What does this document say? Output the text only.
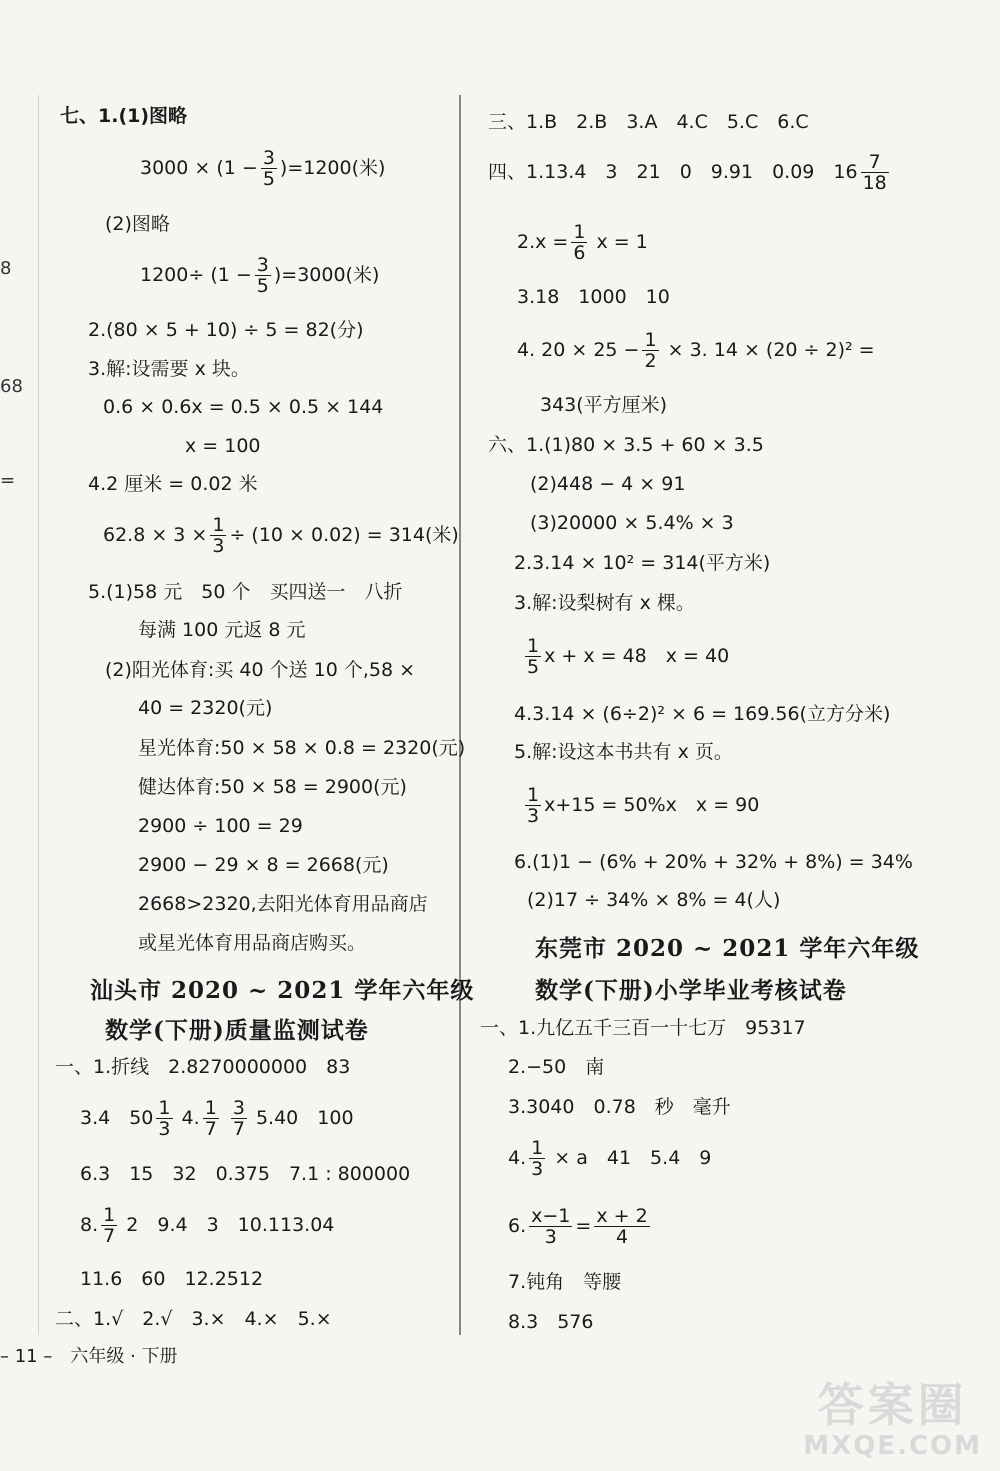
8
68
=
七、1.(1)图略
$3000 \times (1 - \frac{3}{5} )=1200$(米)
(2)图略
$1200\div (1 - \frac{3}{5} )=3000$(米)
2.(80 × 5 + 10) ÷ 5 = 82(分)
3.解:设需要 x 块。
0.6 × 0.6x = 0.5 × 0.5 × 144
x = 100
4.2 厘米 = 0.02 米
$62.8 \times 3 \times \frac{1}{3} \div (10 \times 0.02) = 314$(米)
5.(1)58 元　50 个　买四送一　八折
每满 100 元返 8 元
(2)阳光体育:买 40 个送 10 个,58 ×
40 = 2320(元)
星光体育:50 × 58 × 0.8 = 2320(元)
健达体育:50 × 58 = 2900(元)
2900 ÷ 100 = 29
2900 − 29 × 8 = 2668(元)
2668>2320,去阳光体育用品商店
或星光体育用品商店购买。
汕头市 2020 ~ 2021 学年六年级
数学(下册)质量监测试卷
一、1.折线　2.8270000000　83
3.4　$50 \frac{1}{3} 4$. $\frac{1}{7}$
$\frac{3}{7} 5.40$　100
6.3　15　32　0.375　7.1 : 800000
8. $\frac{1}{7} 2$　9.4　3　10.113.04
11.6　60　12.2512
二、1.√　2.√　3.×　4.×　5.×
三、1.B　2.B　3.A　4.C　5.C　6.C
四、1.13.4　3　21　0　9.91　0.09　$16 \frac{7}{18}$
$2.x = \frac{1}{6}$ x = 1
3.18　1000　10
4. $20 \times 25 - \frac{1}{2} \times 3$. 14 × (20 ÷ 2)² =
343(平方厘米)
六、1.(1)80 × 3.5 + 60 × 3.5
(2)448 − 4 × 91
(3)20000 × 5.4% × 3
2.3.14 × 10² = 314(平方米)
3.解:设梨树有 x 棵。
$\frac{1}{5}$ x + x = 48　x = 40
4.3.14 × (6÷2)² × 6 = 169.56(立方分米)
5.解:设这本书共有 x 页。
$\frac{1}{3} x+15 = 50\%x$　x = 90
6.(1)1 − (6% + 20% + 32% + 8%) = 34%
(2)17 ÷ 34% × 8% = 4(人)
东莞市 2020 ~ 2021 学年六年级
数学(下册)小学毕业考核试卷
一、1.九亿五千三百一十七万　95317
2.−50　南
3.3040　0.78　秒　毫升
4. $\frac{1}{3} \times a$　41　5.4　9
6. $\frac{x-1}{3} = \frac{x + 2}{4}$
7.钝角　等腰
8.3　576
– 11 –　六年级 · 下册
答案圈
MXQE.COM
